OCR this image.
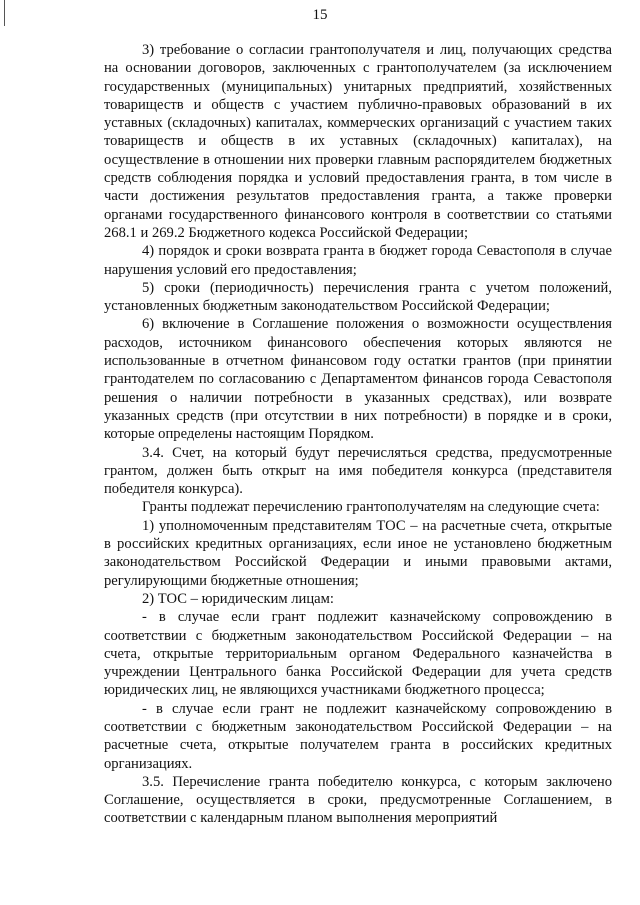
15

3) требование о согласии грантополучателя и лиц, получающих средства на основании договоров, заключенных с грантополучателем (за исключением государственных (муниципальных) унитарных предприятий, хозяйственных товариществ и обществ с участием публично-правовых образований в их уставных (складочных) капиталах, коммерческих организаций с участием таких товариществ и обществ в их уставных (складочных) капиталах), на осуществление в отношении них проверки главным распорядителем бюджетных средств соблюдения порядка и условий предоставления гранта, в том числе в части достижения результатов предоставления гранта, а также проверки органами государственного финансового контроля в соответствии со статьями 268.1 и 269.2 Бюджетного кодекса Российской Федерации;

4) порядок и сроки возврата гранта в бюджет города Севастополя в случае нарушения условий его предоставления;

5) сроки (периодичность) перечисления гранта с учетом положений, установленных бюджетным законодательством Российской Федерации;

6) включение в Соглашение положения о возможности осуществления расходов, источником финансового обеспечения которых являются не использованные в отчетном финансовом году остатки грантов (при принятии грантодателем по согласованию с Департаментом финансов города Севастополя решения о наличии потребности в указанных средствах), или возврате указанных средств (при отсутствии в них потребности) в порядке и в сроки, которые определены настоящим Порядком.

3.4. Счет, на который будут перечисляться средства, предусмотренные грантом, должен быть открыт на имя победителя конкурса (представителя победителя конкурса).

Гранты подлежат перечислению грантополучателям на следующие счета:

1) уполномоченным представителям ТОС – на расчетные счета, открытые в российских кредитных организациях, если иное не установлено бюджетным законодательством Российской Федерации и иными правовыми актами, регулирующими бюджетные отношения;

2) ТОС – юридическим лицам:

- в случае если грант подлежит казначейскому сопровождению в соответствии с бюджетным законодательством Российской Федерации – на счета, открытые территориальным органом Федерального казначейства в учреждении Центрального банка Российской Федерации для учета средств юридических лиц, не являющихся участниками бюджетного процесса;

- в случае если грант не подлежит казначейскому сопровождению в соответствии с бюджетным законодательством Российской Федерации – на расчетные счета, открытые получателем гранта в российских кредитных организациях.

3.5. Перечисление гранта победителю конкурса, с которым заключено Соглашение, осуществляется в сроки, предусмотренные Соглашением, в соответствии с календарным планом выполнения мероприятий
